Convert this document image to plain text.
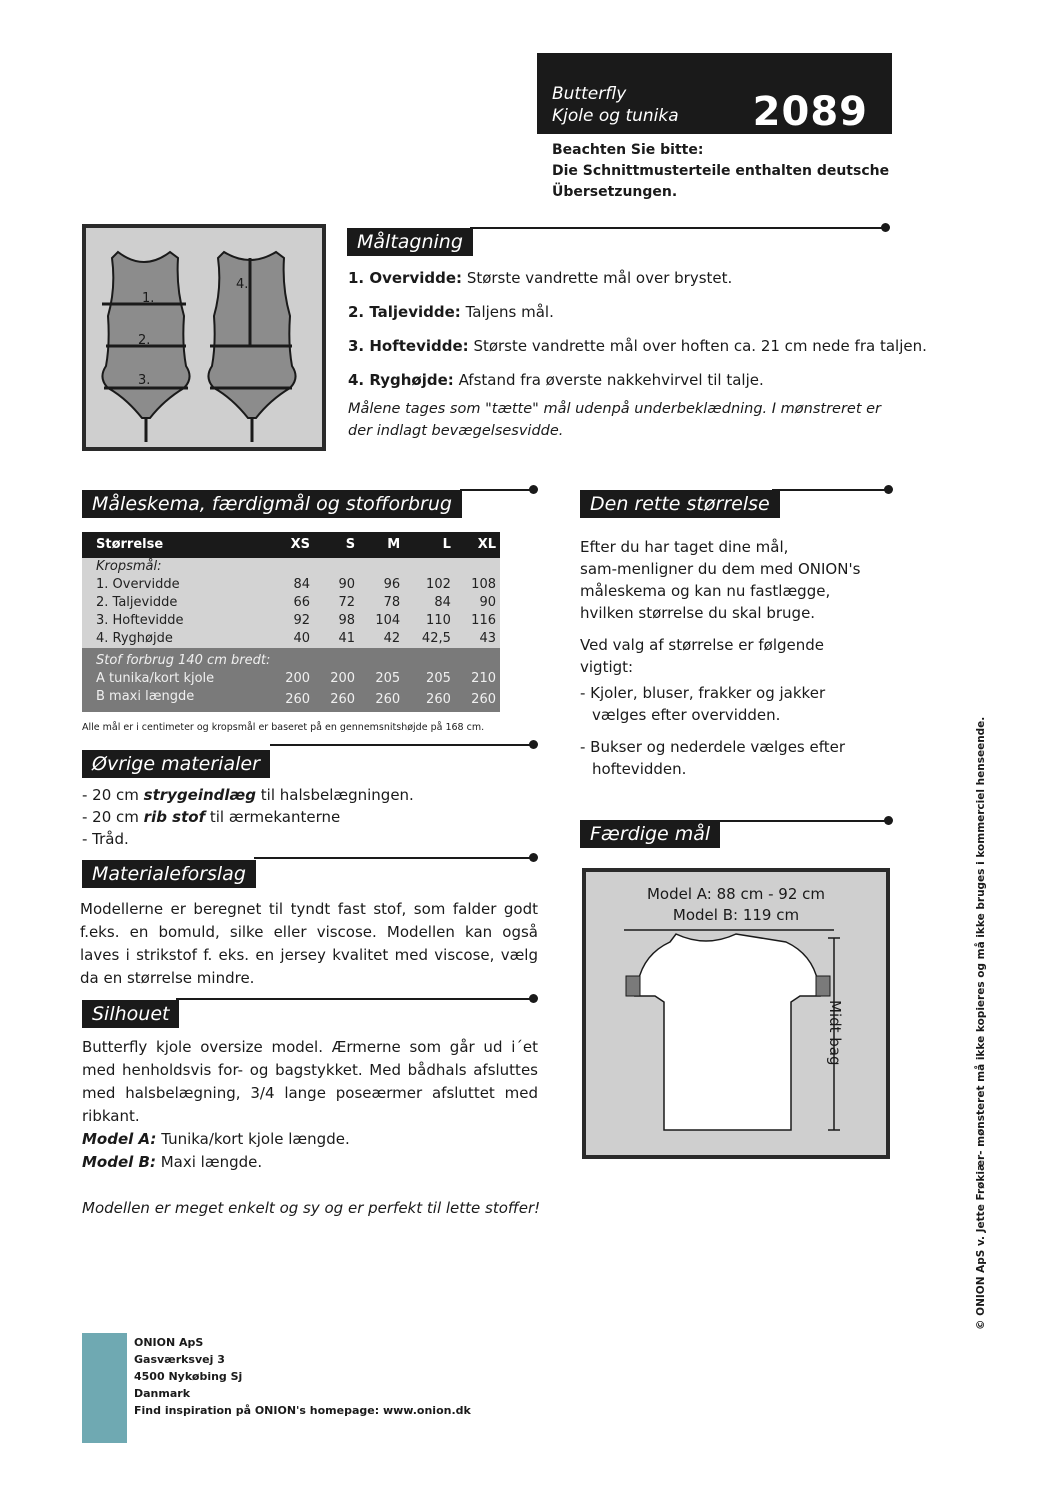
Butterfly
Kjole og tunika 2089
Beachten Sie bitte:
Die Schnittmusterteile enthalten deutsche
Übersetzungen.
1.
2.
3.
4.
Måltagning
1. Overvidde: Største vandrette mål over brystet.
2. Taljevidde: Taljens mål.
3. Hoftevidde: Største vandrette mål over hoften ca. 21 cm nede fra taljen.
4. Ryghøjde: Afstand fra øverste nakkehvirvel til talje.
Målene tages som "tætte" mål udenpå underbeklædning. I mønstreret er der indlagt bevægelsesvidde.
Måleskema, færdigmål og stofforbrug
Størrelse	XS	S	M	L	XL
Kropsmål:					
1. Overvidde	84	90	96	102	108
2. Taljevidde	66	72	78	84	90
3. Hoftevidde	92	98	104	110	116
4. Ryghøjde	40	41	42	42,5	43
Stof forbrug 140 cm bredt:					
A tunika/kort kjole	200	200	205	205	210
B maxi længde	260	260	260	260	260
Alle mål er i centimeter og kropsmål er baseret på en gennemsnitshøjde på 168 cm.
Øvrige materialer
- 20 cm strygeindlæg til halsbelægningen.
- 20 cm rib stof til ærmekanterne
- Tråd.
Materialeforslag
Modellerne er beregnet til tyndt fast stof, som falder godt f.eks. en bomuld, silke eller viscose. Modellen kan også laves i strikstof f. eks. en jersey kvalitet med viscose, vælg da en størrelse mindre.
Silhouet
Butterfly kjole oversize model. Ærmerne som går ud i´et med henholdsvis for- og bagstykket. Med bådhals afsluttes med halsbelægning, 3/4 lange poseærmer afsluttet med ribkant.
Model A: Tunika/kort kjole længde.
Model B: Maxi længde.
Modellen er meget enkelt og sy og er perfekt til lette stoffer!
Den rette størrelse
Efter du har taget dine mål,
sam-menligner du dem med ONION's
måleskema og kan nu fastlægge,
hvilken størrelse du skal bruge.
Ved valg af størrelse er følgende
vigtigt:
- Kjoler, bluser, frakker og jakker
vælges efter overvidden.
- Bukser og nederdele vælges efter
hoftevidden.
Færdige mål
Model A: 88 cm - 92 cm
Model B: 119 cm
Midt bag
ONION ApS
Gasværksvej 3
4500 Nykøbing Sj
Danmark
Find inspiration på ONION's homepage: www.onion.dk
© ONION ApS v. Jette Frøkiær- mønsteret må ikke kopieres og må ikke bruges i kommerciel henseende.
